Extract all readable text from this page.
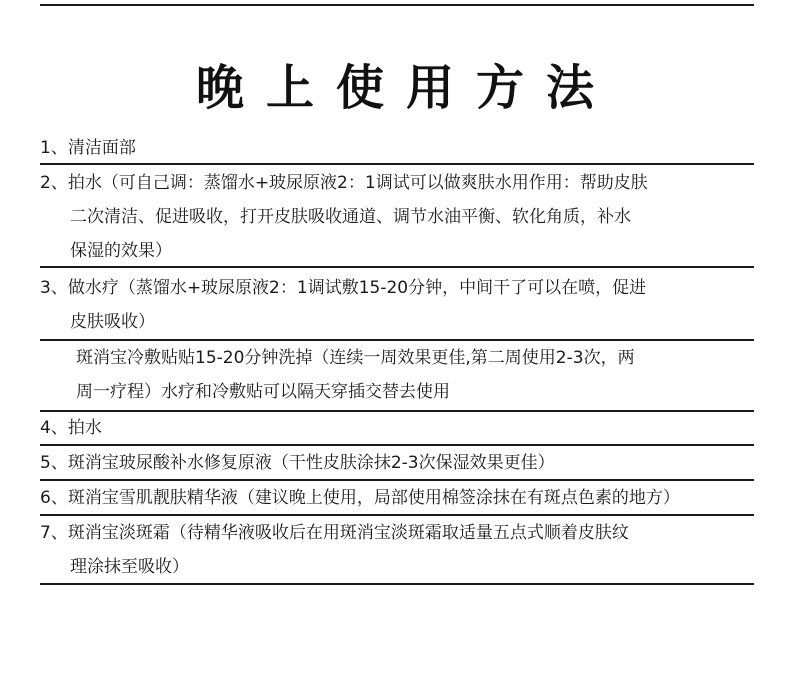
晚上使用方法
1、清洁面部
2、拍水（可自己调：蒸馏水+玻尿原液2：1调试可以做爽肤水用作用：帮助皮肤
二次清洁、促进吸收，打开皮肤吸收通道、调节水油平衡、软化角质，补水
保湿的效果）
3、做水疗（蒸馏水+玻尿原液2：1调试敷15-20分钟，中间干了可以在喷，促进
皮肤吸收）
斑消宝冷敷贴贴15-20分钟洗掉（连续一周效果更佳,第二周使用2-3次，两
周一疗程）水疗和冷敷贴可以隔天穿插交替去使用
4、拍水
5、斑消宝玻尿酸补水修复原液（干性皮肤涂抹2-3次保湿效果更佳）
6、斑消宝雪肌靓肤精华液（建议晚上使用，局部使用棉签涂抹在有斑点色素的地方）
7、斑消宝淡斑霜（待精华液吸收后在用斑消宝淡斑霜取适量五点式顺着皮肤纹
理涂抹至吸收）
